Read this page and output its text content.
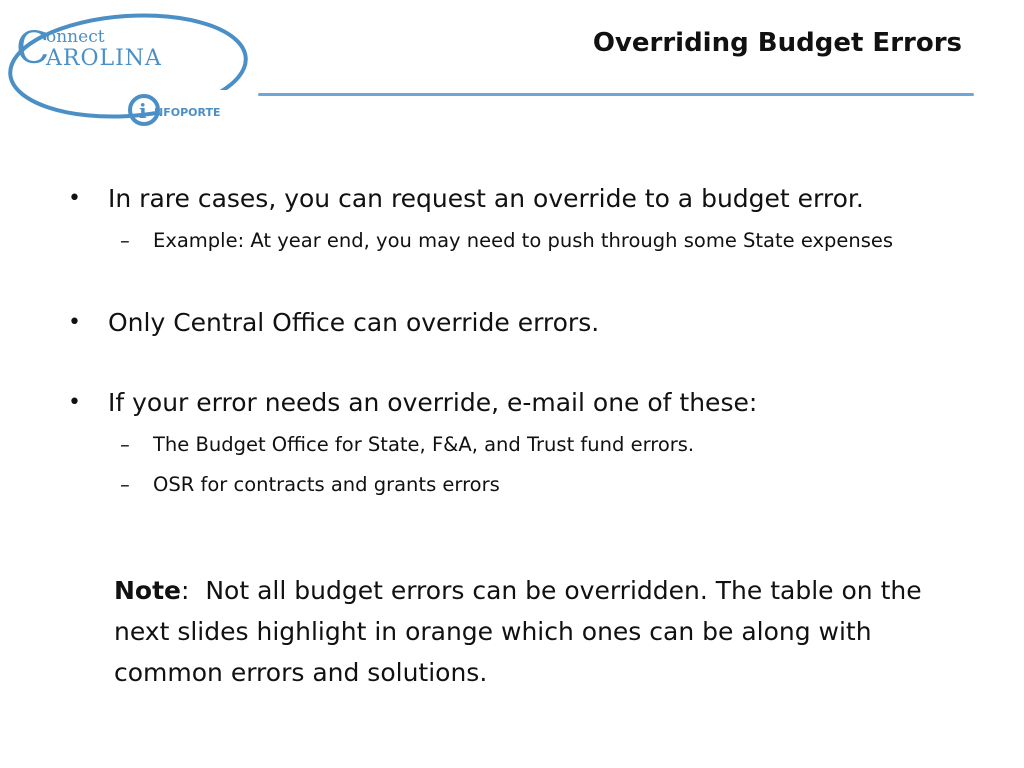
C
onnect
AROLINA
i NFOPORTE
Overriding Budget Errors
• In rare cases, you can request an override to a budget error.
– Example: At year end, you may need to push through some State expenses
• Only Central Office can override errors.
• If your error needs an override, e-mail one of these:
– The Budget Office for State, F&A, and Trust fund errors.
– OSR for contracts and grants errors
Note:  Not all budget errors can be overridden. The table on the next slides highlight in orange which ones can be along with common errors and solutions.
